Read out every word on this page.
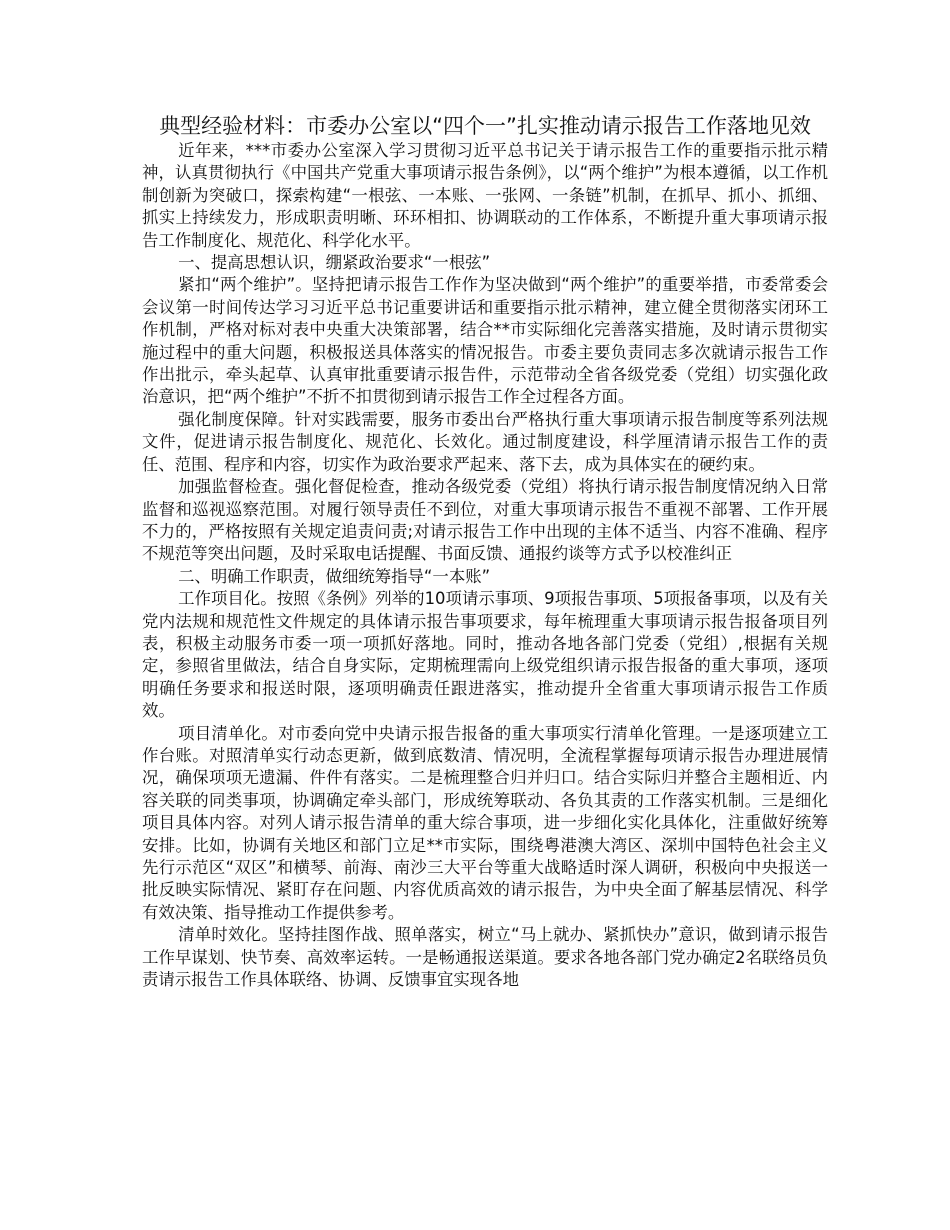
典型经验材料：市委办公室以“四个一”扎实推动请示报告工作落地见效

近年来，***市委办公室深入学习贯彻习近平总书记关于请示报告工作的重要指示批示精神，认真贯彻执行《中国共产党重大事项请示报告条例》，以“两个维护”为根本遵循，以工作机制创新为突破口，探索构建“一根弦、一本账、一张网、一条链”机制，在抓早、抓小、抓细、抓实上持续发力，形成职责明晰、环环相扣、协调联动的工作体系，不断提升重大事项请示报告工作制度化、规范化、科学化水平。

一、提高思想认识，绷紧政治要求“一根弦”

紧扣“两个维护”。坚持把请示报告工作作为坚决做到“两个维护”的重要举措，市委常委会会议第一时间传达学习习近平总书记重要讲话和重要指示批示精神，建立健全贯彻落实闭环工作机制，严格对标对表中央重大决策部署，结合**市实际细化完善落实措施，及时请示贯彻实施过程中的重大问题，积极报送具体落实的情况报告。市委主要负责同志多次就请示报告工作作出批示，牵头起草、认真审批重要请示报告件，示范带动全省各级党委（党组）切实强化政治意识，把“两个维护”不折不扣贯彻到请示报告工作全过程各方面。

强化制度保障。针对实践需要，服务市委出台严格执行重大事项请示报告制度等系列法规文件，促进请示报告制度化、规范化、长效化。通过制度建设，科学厘清请示报告工作的责任、范围、程序和内容，切实作为政治要求严起来、落下去，成为具体实在的硬约束。

加强监督检查。强化督促检查，推动各级党委（党组）将执行请示报告制度情况纳入日常监督和巡视巡察范围。对履行领导责任不到位，对重大事项请示报告不重视不部署、工作开展不力的，严格按照有关规定追责问责;对请示报告工作中出现的主体不适当、内容不准确、程序不规范等突出问题，及时采取电话提醒、书面反馈、通报约谈等方式予以校准纠正

二、明确工作职责，做细统筹指导“一本账”

工作项目化。按照《条例》列举的10项请示事项、9项报告事项、5项报备事项，以及有关党内法规和规范性文件规定的具体请示报告事项要求，每年梳理重大事项请示报告报备项目列表，积极主动服务市委一项一项抓好落地。同时，推动各地各部门党委（党组）,根据有关规定，参照省里做法，结合自身实际，定期梳理需向上级党组织请示报告报备的重大事项，逐项明确任务要求和报送时限，逐项明确责任跟进落实，推动提升全省重大事项请示报告工作质效。

项目清单化。对市委向党中央请示报告报备的重大事项实行清单化管理。一是逐项建立工作台账。对照清单实行动态更新，做到底数清、情况明，全流程掌握每项请示报告办理进展情况，确保项项无遗漏、件件有落实。二是梳理整合归并归口。结合实际归并整合主题相近、内容关联的同类事项，协调确定牵头部门，形成统筹联动、各负其责的工作落实机制。三是细化项目具体内容。对列人请示报告清单的重大综合事项，进一步细化实化具体化，注重做好统筹安排。比如，协调有关地区和部门立足**市实际，围绕粤港澳大湾区、深圳中国特色社会主义先行示范区“双区”和横琴、前海、南沙三大平台等重大战略适时深人调研，积极向中央报送一批反映实际情况、紧盯存在问题、内容优质高效的请示报告，为中央全面了解基层情况、科学有效决策、指导推动工作提供参考。

清单时效化。坚持挂图作战、照单落实，树立“马上就办、紧抓快办”意识，做到请示报告工作早谋划、快节奏、高效率运转。一是畅通报送渠道。要求各地各部门党办确定2名联络员负责请示报告工作具体联络、协调、反馈事宜实现各地
